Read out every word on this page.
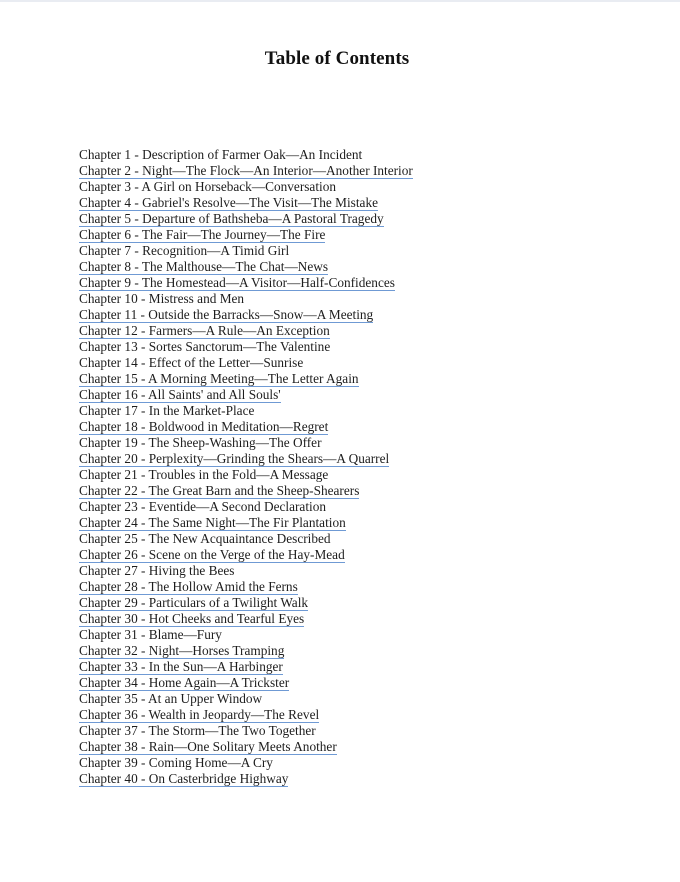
Table of Contents
Chapter 1 - Description of Farmer Oak—An Incident
Chapter 2 - Night—The Flock—An Interior—Another Interior
Chapter 3 - A Girl on Horseback—Conversation
Chapter 4 - Gabriel's Resolve—The Visit—The Mistake
Chapter 5 - Departure of Bathsheba—A Pastoral Tragedy
Chapter 6 - The Fair—The Journey—The Fire
Chapter 7 - Recognition—A Timid Girl
Chapter 8 - The Malthouse—The Chat—News
Chapter 9 - The Homestead—A Visitor—Half-Confidences
Chapter 10 - Mistress and Men
Chapter 11 - Outside the Barracks—Snow—A Meeting
Chapter 12 - Farmers—A Rule—An Exception
Chapter 13 - Sortes Sanctorum—The Valentine
Chapter 14 - Effect of the Letter—Sunrise
Chapter 15 - A Morning Meeting—The Letter Again
Chapter 16 - All Saints' and All Souls'
Chapter 17 - In the Market-Place
Chapter 18 - Boldwood in Meditation—Regret
Chapter 19 - The Sheep-Washing—The Offer
Chapter 20 - Perplexity—Grinding the Shears—A Quarrel
Chapter 21 - Troubles in the Fold—A Message
Chapter 22 - The Great Barn and the Sheep-Shearers
Chapter 23 - Eventide—A Second Declaration
Chapter 24 - The Same Night—The Fir Plantation
Chapter 25 - The New Acquaintance Described
Chapter 26 - Scene on the Verge of the Hay-Mead
Chapter 27 - Hiving the Bees
Chapter 28 - The Hollow Amid the Ferns
Chapter 29 - Particulars of a Twilight Walk
Chapter 30 - Hot Cheeks and Tearful Eyes
Chapter 31 - Blame—Fury
Chapter 32 - Night—Horses Tramping
Chapter 33 - In the Sun—A Harbinger
Chapter 34 - Home Again—A Trickster
Chapter 35 - At an Upper Window
Chapter 36 - Wealth in Jeopardy—The Revel
Chapter 37 - The Storm—The Two Together
Chapter 38 - Rain—One Solitary Meets Another
Chapter 39 - Coming Home—A Cry
Chapter 40 - On Casterbridge Highway
